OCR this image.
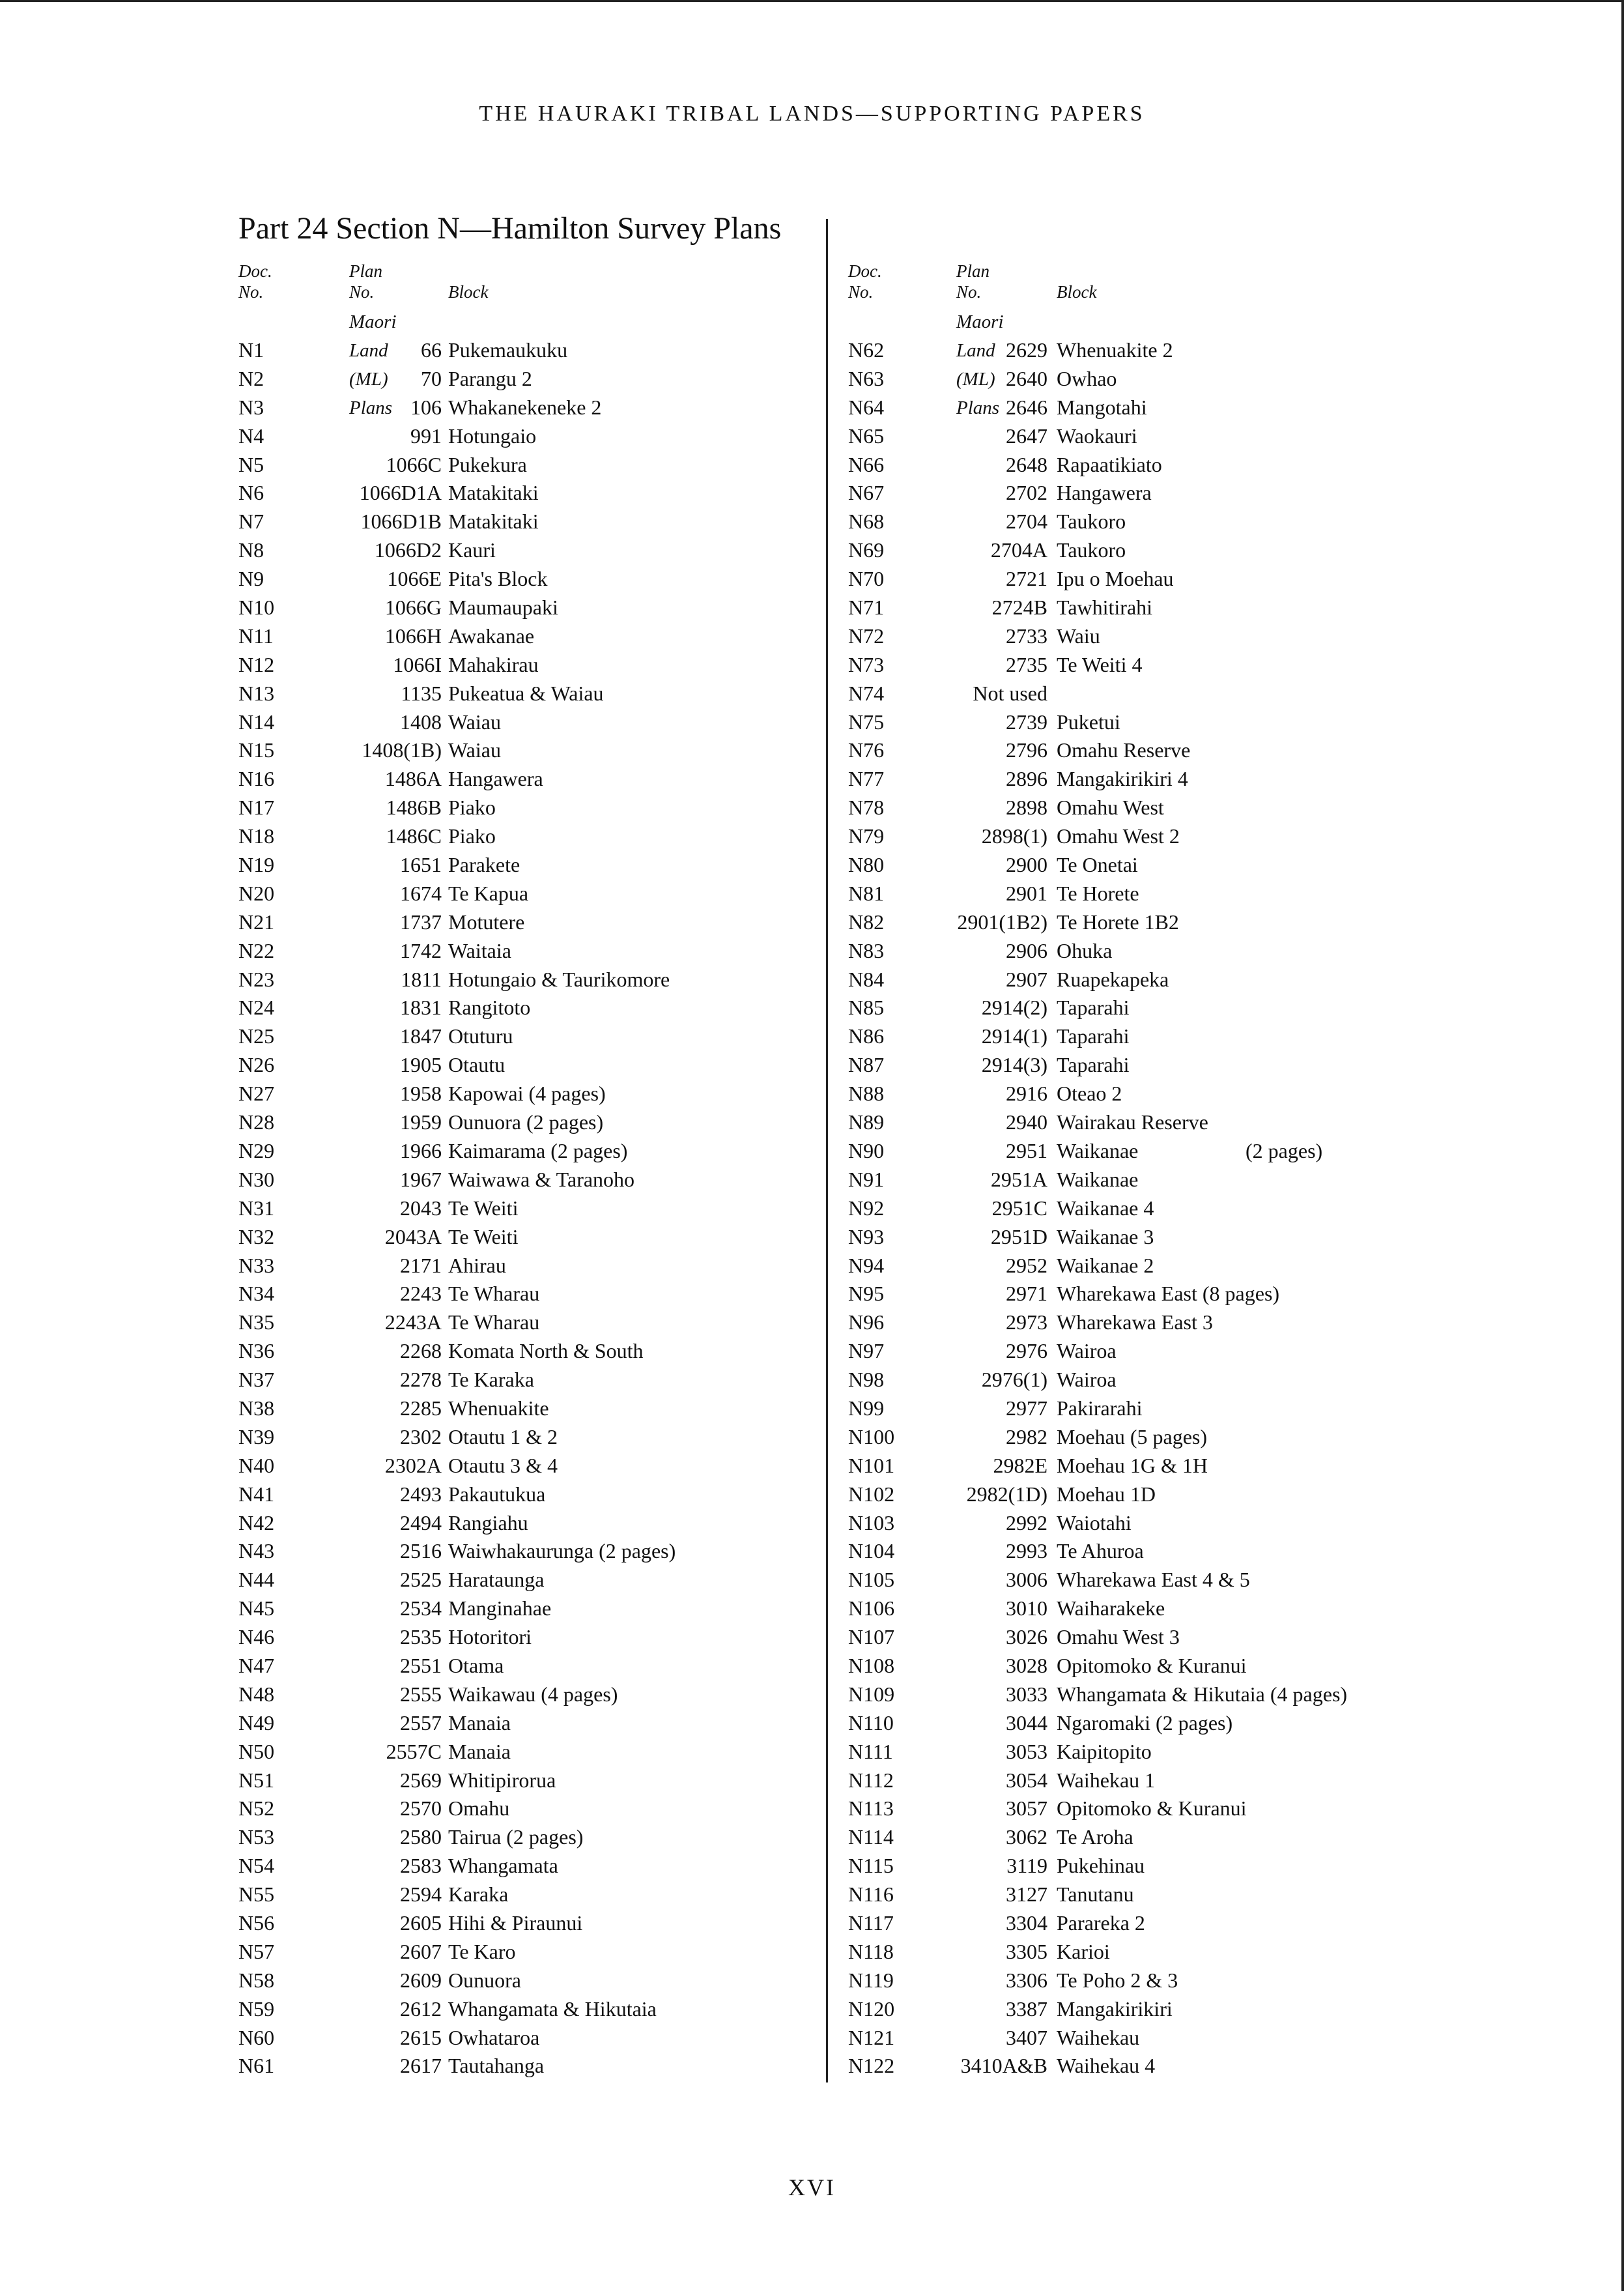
THE HAURAKI TRIBAL LANDS—SUPPORTING PAPERS
Part 24 Section N—Hamilton Survey Plans
Doc.
No.
Plan
No.	Block
Maori Land (ML) Plans
N1	66 Pukemaukuku
N2	70 Parangu 2
N3	106 Whakanekeneke 2
N4	991 Hotungaio
N5	1066C Pukekura
N6	1066D1A Matakitaki
N7	1066D1B Matakitaki
N8	1066D2 Kauri
N9	1066E Pita's Block
N10	1066G Maumaupaki
N11	1066H Awakanae
N12	1066I Mahakirau
N13	1135 Pukeatua & Waiau
N14	1408 Waiau
N15	1408(1B) Waiau
N16	1486A Hangawera
N17	1486B Piako
N18	1486C Piako
N19	1651 Parakete
N20	1674 Te Kapua
N21	1737 Motutere
N22	1742 Waitaia
N23	1811 Hotungaio & Taurikomore
N24	1831 Rangitoto
N25	1847 Otuturu
N26	1905 Otautu
N27	1958 Kapowai (4 pages)
N28	1959 Ounuora (2 pages)
N29	1966 Kaimarama (2 pages)
N30	1967 Waiwawa & Taranoho
N31	2043 Te Weiti
N32	2043A Te Weiti
N33	2171 Ahirau
N34	2243 Te Wharau
N35	2243A Te Wharau
N36	2268 Komata North & South
N37	2278 Te Karaka
N38	2285 Whenuakite
N39	2302 Otautu 1 & 2
N40	2302A Otautu 3 & 4
N41	2493 Pakautukua
N42	2494 Rangiahu
N43	2516 Waiwhakaurunga (2 pages)
N44	2525 Harataunga
N45	2534 Manginahae
N46	2535 Hotoritori
N47	2551 Otama
N48	2555 Waikawau (4 pages)
N49	2557 Manaia
N50	2557C Manaia
N51	2569 Whitipirorua
N52	2570 Omahu
N53	2580 Tairua (2 pages)
N54	2583 Whangamata
N55	2594 Karaka
N56	2605 Hihi & Piraunui
N57	2607 Te Karo
N58	2609 Ounuora
N59	2612 Whangamata & Hikutaia
N60	2615 Owhataroa
N61	2617 Tautahanga
Doc.
No.
Plan
No.	Block
Maori Land (ML) Plans
N62	2629 Whenuakite 2
N63	2640 Owhao
N64	2646 Mangotahi
N65	2647 Waokauri
N66	2648 Rapaatikiato
N67	2702 Hangawera
N68	2704 Taukoro
N69	2704A Taukoro
N70	2721 Ipu o Moehau
N71	2724B Tawhitirahi
N72	2733 Waiu
N73	2735 Te Weiti 4
N74	Not used
N75	2739 Puketui
N76	2796 Omahu Reserve
N77	2896 Mangakirikiri 4
N78	2898 Omahu West
N79	2898(1) Omahu West 2
N80	2900 Te Onetai
N81	2901 Te Horete
N82	2901(1B2) Te Horete 1B2
N83	2906 Ohuka
N84	2907 Ruapekapeka
N85	2914(2) Taparahi
N86	2914(1) Taparahi
N87	2914(3) Taparahi
N88	2916 Oteao 2
N89	2940 Wairakau Reserve
N90	2951 Waikanae	(2 pages)
N91	2951A Waikanae
N92	2951C Waikanae 4
N93	2951D Waikanae 3
N94	2952 Waikanae 2
N95	2971 Wharekawa East (8 pages)
N96	2973 Wharekawa East 3
N97	2976 Wairoa
N98	2976(1) Wairoa
N99	2977 Pakirarahi
N100	2982 Moehau (5 pages)
N101	2982E Moehau 1G & 1H
N102	2982(1D) Moehau 1D
N103	2992 Waiotahi
N104	2993 Te Ahuroa
N105	3006 Wharekawa East 4 & 5
N106	3010 Waiharakeke
N107	3026 Omahu West 3
N108	3028 Opitomoko & Kuranui
N109	3033 Whangamata & Hikutaia (4 pages)
N110	3044 Ngaromaki (2 pages)
N111	3053 Kaipitopito
N112	3054 Waihekau 1
N113	3057 Opitomoko & Kuranui
N114	3062 Te Aroha
N115	3119 Pukehinau
N116	3127 Tanutanu
N117	3304 Parareka 2
N118	3305 Karioi
N119	3306 Te Poho 2 & 3
N120	3387 Mangakirikiri
N121	3407 Waihekau
N122	3410A&B Waihekau 4
XVI
